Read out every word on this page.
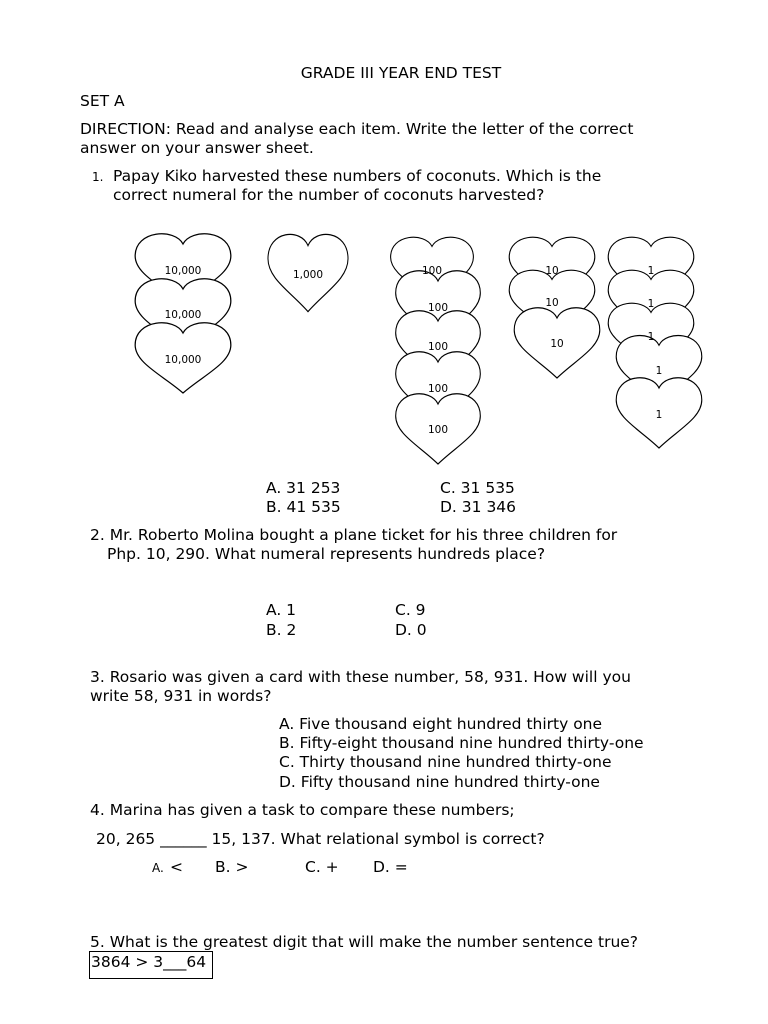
GRADE III YEAR END TEST
SET A
DIRECTION: Read and analyse each item. Write the letter of the correct
answer on your answer sheet.
1. Papay Kiko harvested these numbers of coconuts. Which is the
correct numeral for the number of coconuts harvested?
10,000
10,000
10,000
1,000	100
100
100
100
100
10
10
10
1
1
1
1
1
A. 31 253
B. 41 535
C. 31 535
D. 31 346
2. Mr. Roberto Molina bought a plane ticket for his three children for
Php. 10, 290. What numeral represents hundreds place?
A. 1
B. 2
C. 9
D. 0
3. Rosario was given a card with these number, 58, 931. How will you
write 58, 931 in words?
A. Five thousand eight hundred thirty one
B. Fifty-eight thousand nine hundred thirty-one
C. Thirty thousand nine hundred thirty-one
D. Fifty thousand nine hundred thirty-one
4. Marina has given a task to compare these numbers;
20, 265 ______ 15, 137. What relational symbol is correct?
A. < B. >	C. + D. =
5. What is the greatest digit that will make the number sentence true?
3864 > 3___64
